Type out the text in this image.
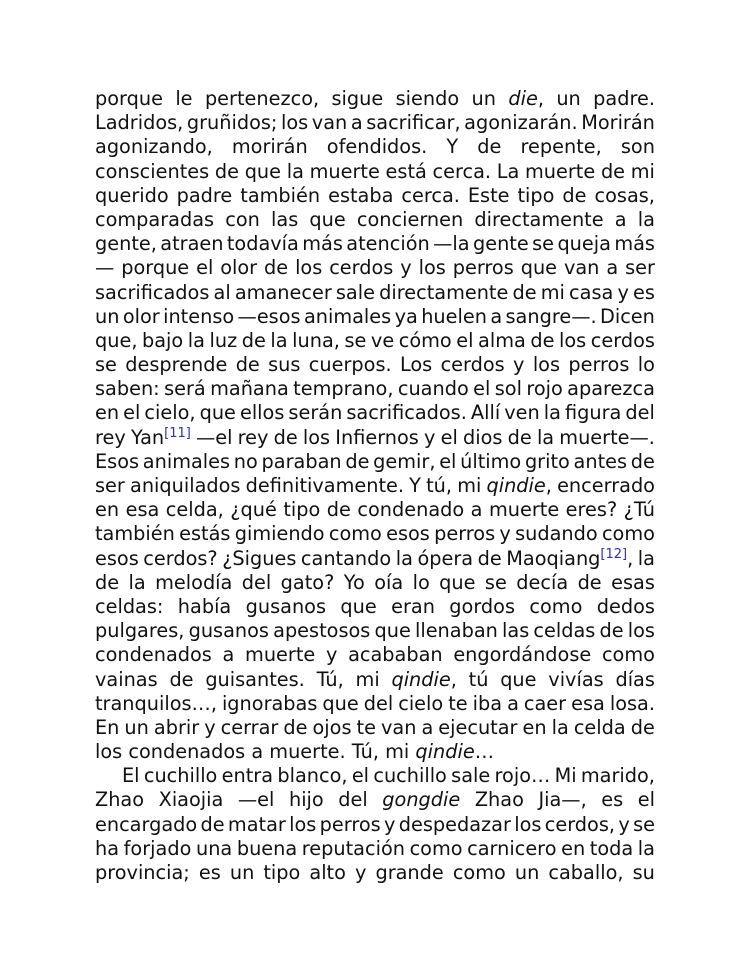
porque le pertenezco, sigue siendo un die, un padre.
Ladridos, gruñidos; los van a sacrificar, agonizarán. Morirán
agonizando, morirán ofendidos. Y de repente, son
conscientes de que la muerte está cerca. La muerte de mi
querido padre también estaba cerca. Este tipo de cosas,
comparadas con las que conciernen directamente a la
gente, atraen todavía más atención —la gente se queja más
— porque el olor de los cerdos y los perros que van a ser
sacrificados al amanecer sale directamente de mi casa y es
un olor intenso —esos animales ya huelen a sangre—. Dicen
que, bajo la luz de la luna, se ve cómo el alma de los cerdos
se desprende de sus cuerpos. Los cerdos y los perros lo
saben: será mañana temprano, cuando el sol rojo aparezca
en el cielo, que ellos serán sacrificados. Allí ven la figura del
rey Yan[11] —el rey de los Infiernos y el dios de la muerte—.
Esos animales no paraban de gemir, el último grito antes de
ser aniquilados definitivamente. Y tú, mi qindie, encerrado
en esa celda, ¿qué tipo de condenado a muerte eres? ¿Tú
también estás gimiendo como esos perros y sudando como
esos cerdos? ¿Sigues cantando la ópera de Maoqiang[12], la
de la melodía del gato? Yo oía lo que se decía de esas
celdas: había gusanos que eran gordos como dedos
pulgares, gusanos apestosos que llenaban las celdas de los
condenados a muerte y acababan engordándose como
vainas de guisantes. Tú, mi qindie, tú que vivías días
tranquilos…, ignorabas que del cielo te iba a caer esa losa.
En un abrir y cerrar de ojos te van a ejecutar en la celda de
los condenados a muerte. Tú, mi qindie…
El cuchillo entra blanco, el cuchillo sale rojo… Mi marido,
Zhao Xiaojia —el hijo del gongdie Zhao Jia—, es el
encargado de matar los perros y despedazar los cerdos, y se
ha forjado una buena reputación como carnicero en toda la
provincia; es un tipo alto y grande como un caballo, su
